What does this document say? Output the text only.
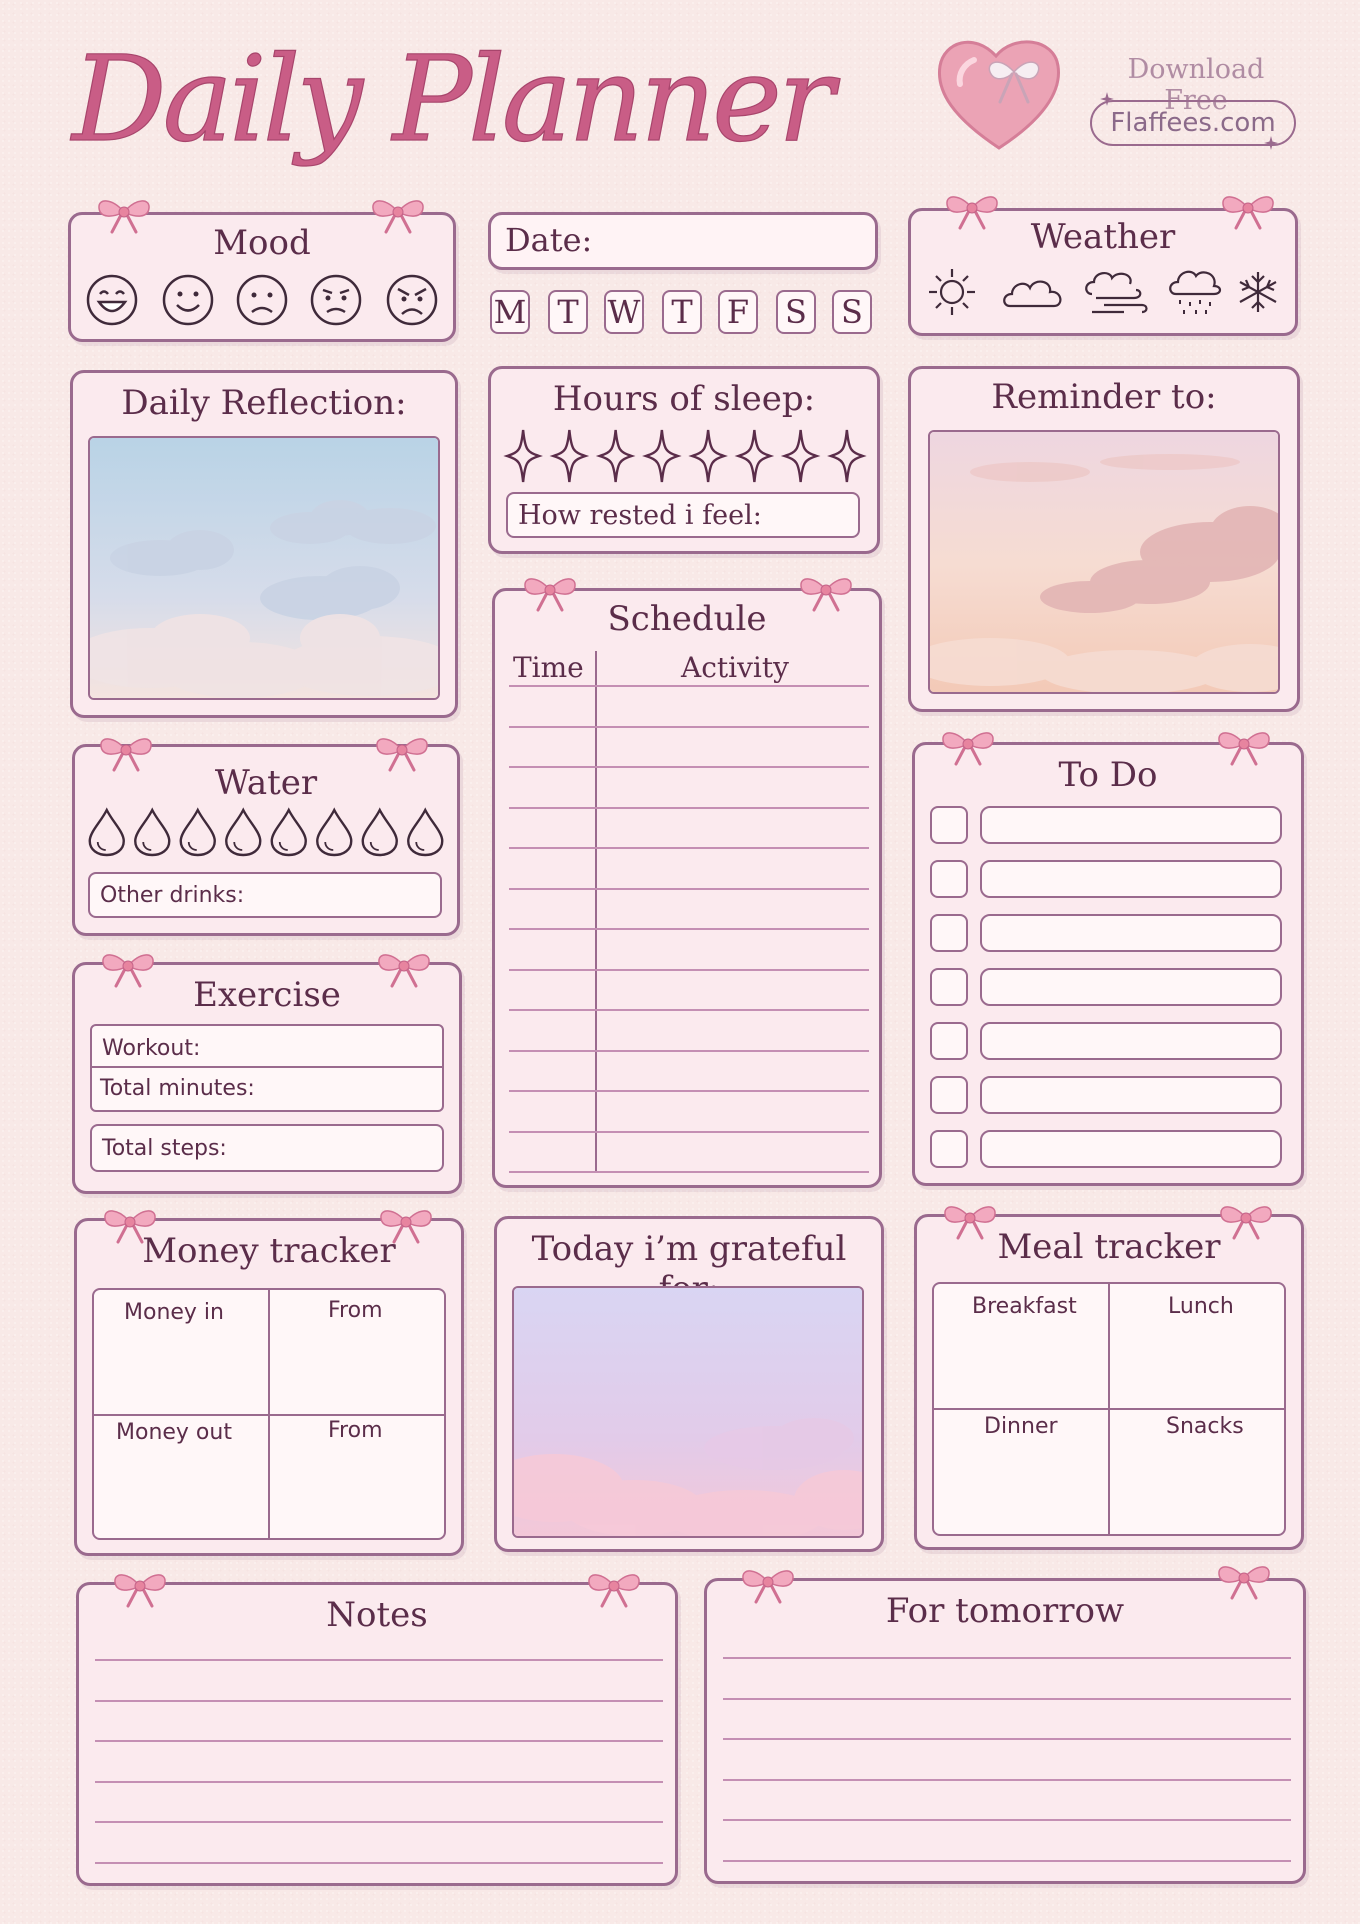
Daily Planner	Download Free
Flaffees.com
Mood	Date:
M T W T F S S
Weather
Daily Reflection:	Hours of sleep:
How rested i feel:
Reminder to:
Schedule
Time	Activity
Water
Other drinks:
To Do
Exercise
Workout:
Total minutes:
Total steps:
Money tracker
Money in	From
Money out	From
Today i’m grateful	Meal tracker
Breakfast	Lunch
Dinner	Snacks
Notes	For tomorrow
